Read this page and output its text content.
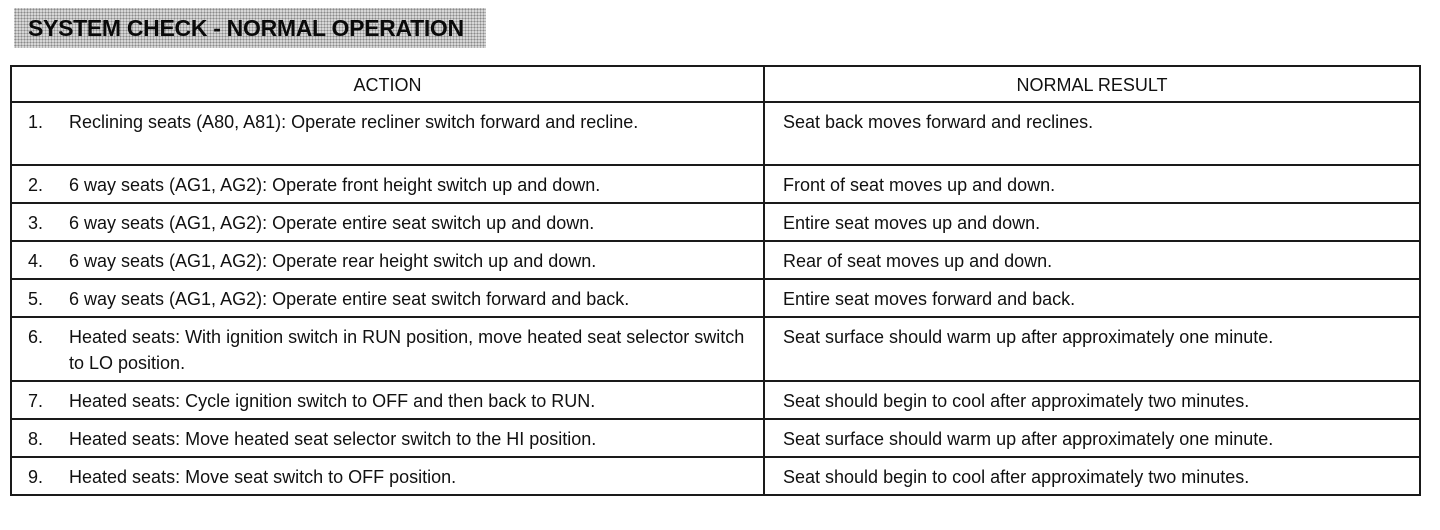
SYSTEM CHECK - NORMAL OPERATION
ACTION	NORMAL RESULT

1. Reclining seats (A80, A81): Operate recliner switch forward and recline.	Seat back moves forward and reclines.

2. 6 way seats (AG1, AG2): Operate front height switch up and down.	Front of seat moves up and down.

3. 6 way seats (AG1, AG2): Operate entire seat switch up and down.	Entire seat moves up and down.

4. 6 way seats (AG1, AG2): Operate rear height switch up and down.	Rear of seat moves up and down.

5. 6 way seats (AG1, AG2): Operate entire seat switch forward and back.	Entire seat moves forward and back.

6. Heated seats: With ignition switch in RUN position, move heated seat selector switch to LO position.	Seat surface should warm up after approximately one minute.

7. Heated seats: Cycle ignition switch to OFF and then back to RUN.	Seat should begin to cool after approximately two minutes.

8. Heated seats: Move heated seat selector switch to the HI position.	Seat surface should warm up after approximately one minute.

9. Heated seats: Move seat switch to OFF position.	Seat should begin to cool after approximately two minutes.
